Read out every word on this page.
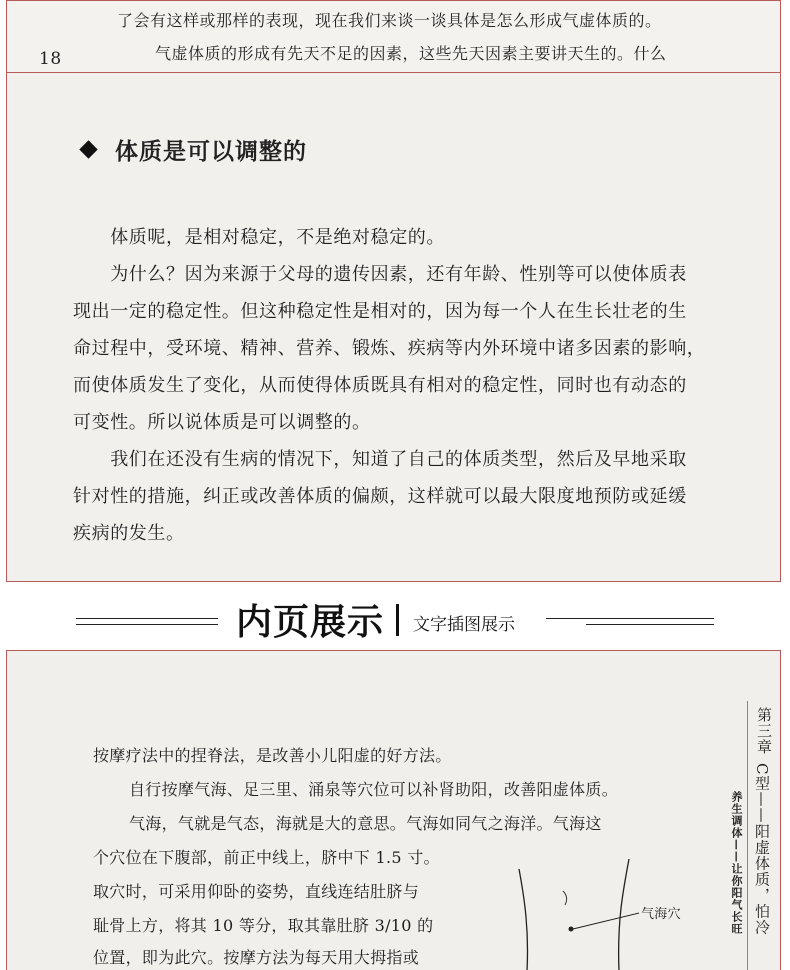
了会有这样或那样的表现，现在我们来谈一谈具体是怎么形成气虚体质的。
18	气虚体质的形成有先天不足的因素，这些先天因素主要讲天生的。什么
体质是可以调整的
　　体质呢，是相对稳定，不是绝对稳定的。
　　为什么？因为来源于父母的遗传因素，还有年龄、性别等可以使体质表
现出一定的稳定性。但这种稳定性是相对的，因为每一个人在生长壮老的生
命过程中，受环境、精神、营养、锻炼、疾病等内外环境中诸多因素的影响，
而使体质发生了变化，从而使得体质既具有相对的稳定性，同时也有动态的
可变性。所以说体质是可以调整的。
　　我们在还没有生病的情况下，知道了自己的体质类型，然后及早地采取
针对性的措施，纠正或改善体质的偏颇，这样就可以最大限度地预防或延缓
疾病的发生。
内页展示 文字插图展示
按摩疗法中的捏脊法，是改善小儿阳虚的好方法。
自行按摩气海、足三里、涌泉等穴位可以补肾助阳，改善阳虚体质。
气海，气就是气态，海就是大的意思。气海如同气之海洋。气海这
个穴位在下腹部，前正中线上，脐中下 1.5 寸。
取穴时，可采用仰卧的姿势，直线连结肚脐与
耻骨上方，将其 10 等分，取其靠肚脐 3/10 的
位置，即为此穴。按摩方法为每天用大拇指或
气海穴
第三章
C型——阳虚体质，怕冷
养生调体——让你阳气长旺
